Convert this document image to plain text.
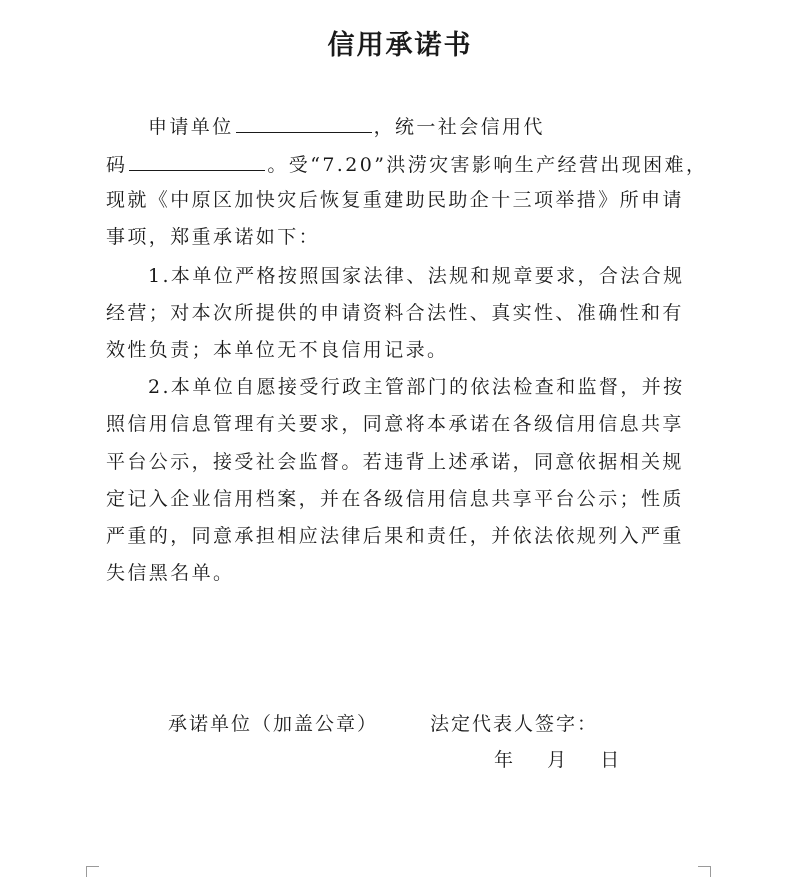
信用承诺书
申请单位	，统一社会信用代
码	。受“7.20”洪涝灾害影响生产经营出现困难，
现就《中原区加快灾后恢复重建助民助企十三项举措》所申请
事项，郑重承诺如下：
1.本单位严格按照国家法律、法规和规章要求，合法合规
经营；对本次所提供的申请资料合法性、真实性、准确性和有
效性负责；本单位无不良信用记录。
2.本单位自愿接受行政主管部门的依法检查和监督，并按
照信用信息管理有关要求，同意将本承诺在各级信用信息共享
平台公示，接受社会监督。若违背上述承诺，同意依据相关规
定记入企业信用档案，并在各级信用信息共享平台公示；性质
严重的，同意承担相应法律后果和责任，并依法依规列入严重
失信黑名单。
承诺单位（加盖公章）	法定代表人签字：
年 月 日
